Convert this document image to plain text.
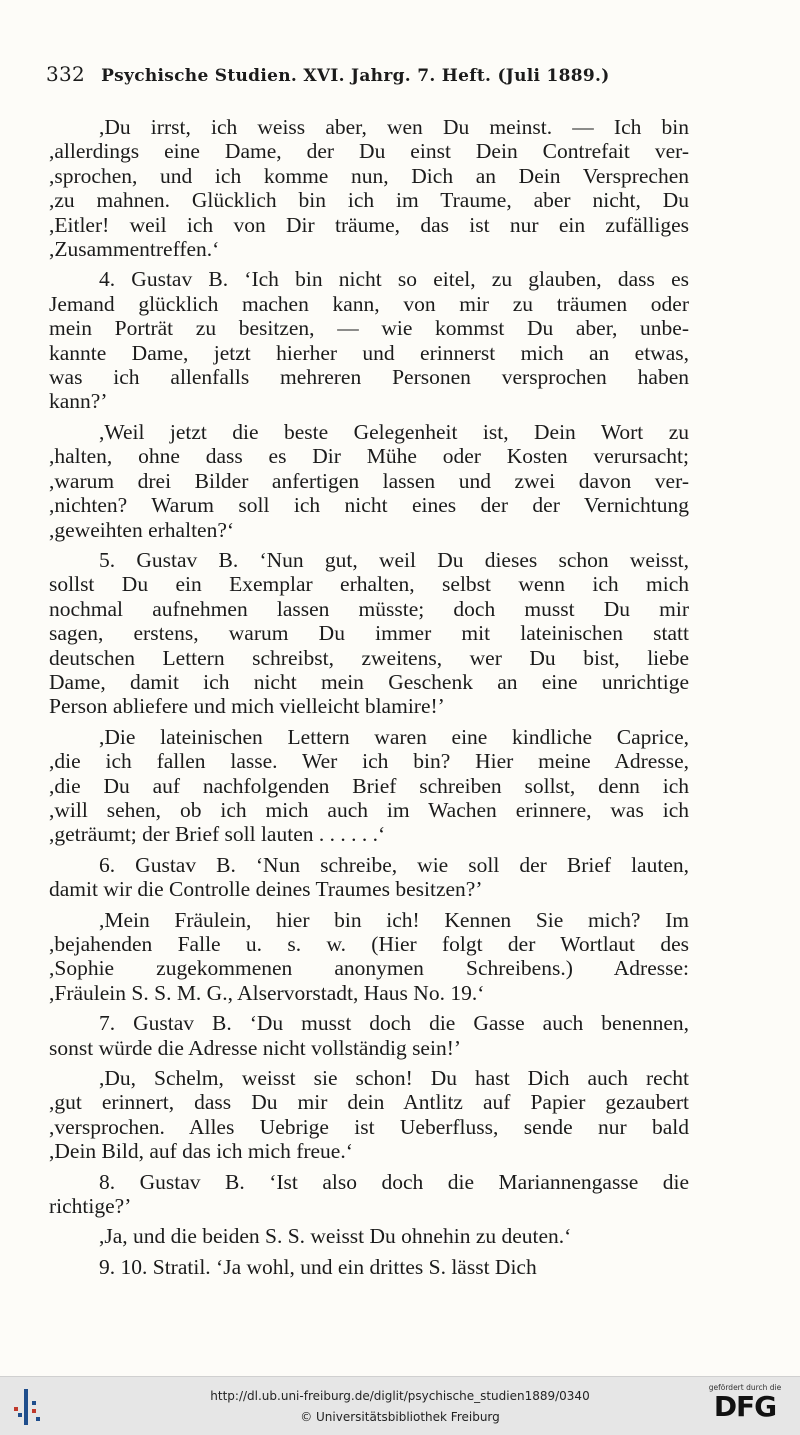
332 Psychische Studien. XVI. Jahrg. 7. Heft. (Juli 1889.)

,Du irrst, ich weiss aber, wen Du meinst. — Ich bin

,allerdings eine Dame, der Du einst Dein Contrefait ver-

,sprochen, und ich komme nun, Dich an Dein Versprechen

,zu mahnen. Glücklich bin ich im Traume, aber nicht, Du

,Eitler! weil ich von Dir träume, das ist nur ein zufälliges

,Zusammentreffen.‘

4. Gustav B. ‘Ich bin nicht so eitel, zu glauben, dass es

Jemand glücklich machen kann, von mir zu träumen oder

mein Porträt zu besitzen, — wie kommst Du aber, unbe-

kannte Dame, jetzt hierher und erinnerst mich an etwas,

was ich allenfalls mehreren Personen versprochen haben

kann?’

,Weil jetzt die beste Gelegenheit ist, Dein Wort zu

,halten, ohne dass es Dir Mühe oder Kosten verursacht;

,warum drei Bilder anfertigen lassen und zwei davon ver-

,nichten? Warum soll ich nicht eines der der Vernichtung

,geweihten erhalten?‘

5. Gustav B. ‘Nun gut, weil Du dieses schon weisst,

sollst Du ein Exemplar erhalten, selbst wenn ich mich

nochmal aufnehmen lassen müsste; doch musst Du mir

sagen, erstens, warum Du immer mit lateinischen statt

deutschen Lettern schreibst, zweitens, wer Du bist, liebe

Dame, damit ich nicht mein Geschenk an eine unrichtige

Person abliefere und mich vielleicht blamire!’

,Die lateinischen Lettern waren eine kindliche Caprice,

,die ich fallen lasse. Wer ich bin? Hier meine Adresse,

,die Du auf nachfolgenden Brief schreiben sollst, denn ich

,will sehen, ob ich mich auch im Wachen erinnere, was ich

,geträumt; der Brief soll lauten . . . . . .‘

6. Gustav B. ‘Nun schreibe, wie soll der Brief lauten,

damit wir die Controlle deines Traumes besitzen?’

,Mein Fräulein, hier bin ich! Kennen Sie mich? Im

,bejahenden Falle u. s. w. (Hier folgt der Wortlaut des

,Sophie zugekommenen anonymen Schreibens.) Adresse:

,Fräulein S. S. M. G., Alservorstadt, Haus No. 19.‘

7. Gustav B. ‘Du musst doch die Gasse auch benennen,

sonst würde die Adresse nicht vollständig sein!’

,Du, Schelm, weisst sie schon! Du hast Dich auch recht

,gut erinnert, dass Du mir dein Antlitz auf Papier gezaubert

,versprochen. Alles Uebrige ist Ueberfluss, sende nur bald

,Dein Bild, auf das ich mich freue.‘

8. Gustav B. ‘Ist also doch die Mariannengasse die

richtige?’

,Ja, und die beiden S. S. weisst Du ohnehin zu deuten.‘

9. 10. Stratil. ‘Ja wohl, und ein drittes S. lässt Dich

http://dl.ub.uni-freiburg.de/diglit/psychische_studien1889/0340
© Universitätsbibliothek Freiburg
gefördert durch die
DFG
